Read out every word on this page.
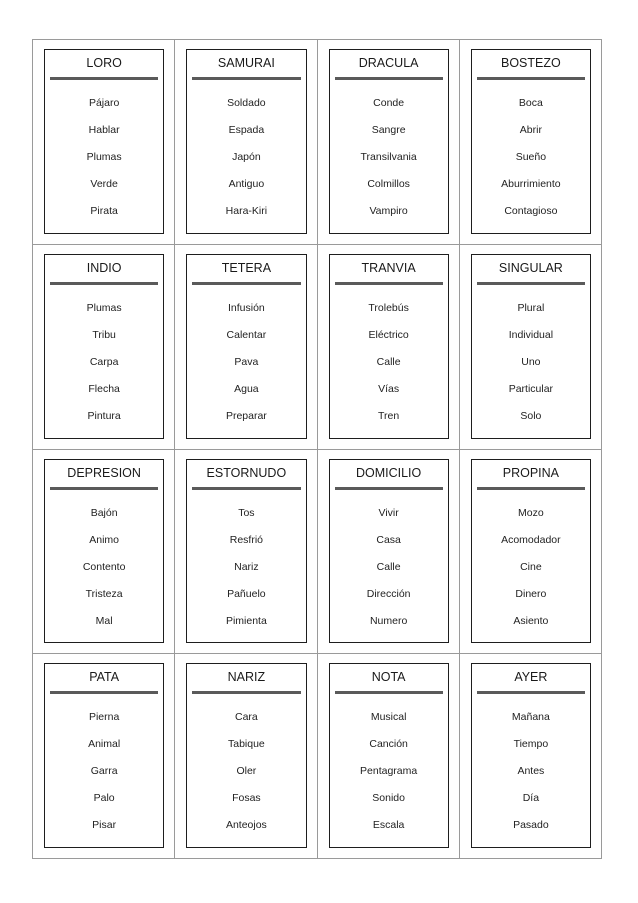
LORO
Pájaro
Hablar
Plumas
Verde
Pirata
SAMURAI
Soldado
Espada
Japón
Antiguo
Hara-Kiri
DRACULA
Conde
Sangre
Transilvania
Colmillos
Vampiro
BOSTEZO
Boca
Abrir
Sueño
Aburrimiento
Contagioso
INDIO
Plumas
Tribu
Carpa
Flecha
Pintura
TETERA
Infusión
Calentar
Pava
Agua
Preparar
TRANVIA
Trolebús
Eléctrico
Calle
Vías
Tren
SINGULAR
Plural
Individual
Uno
Particular
Solo
DEPRESION
Bajón
Animo
Contento
Tristeza
Mal
ESTORNUDO
Tos
Resfrió
Nariz
Pañuelo
Pimienta
DOMICILIO
Vivir
Casa
Calle
Dirección
Numero
PROPINA
Mozo
Acomodador
Cine
Dinero
Asiento
PATA
Pierna
Animal
Garra
Palo
Pisar
NARIZ
Cara
Tabique
Oler
Fosas
Anteojos
NOTA
Musical
Canción
Pentagrama
Sonido
Escala
AYER
Mañana
Tiempo
Antes
Día
Pasado
